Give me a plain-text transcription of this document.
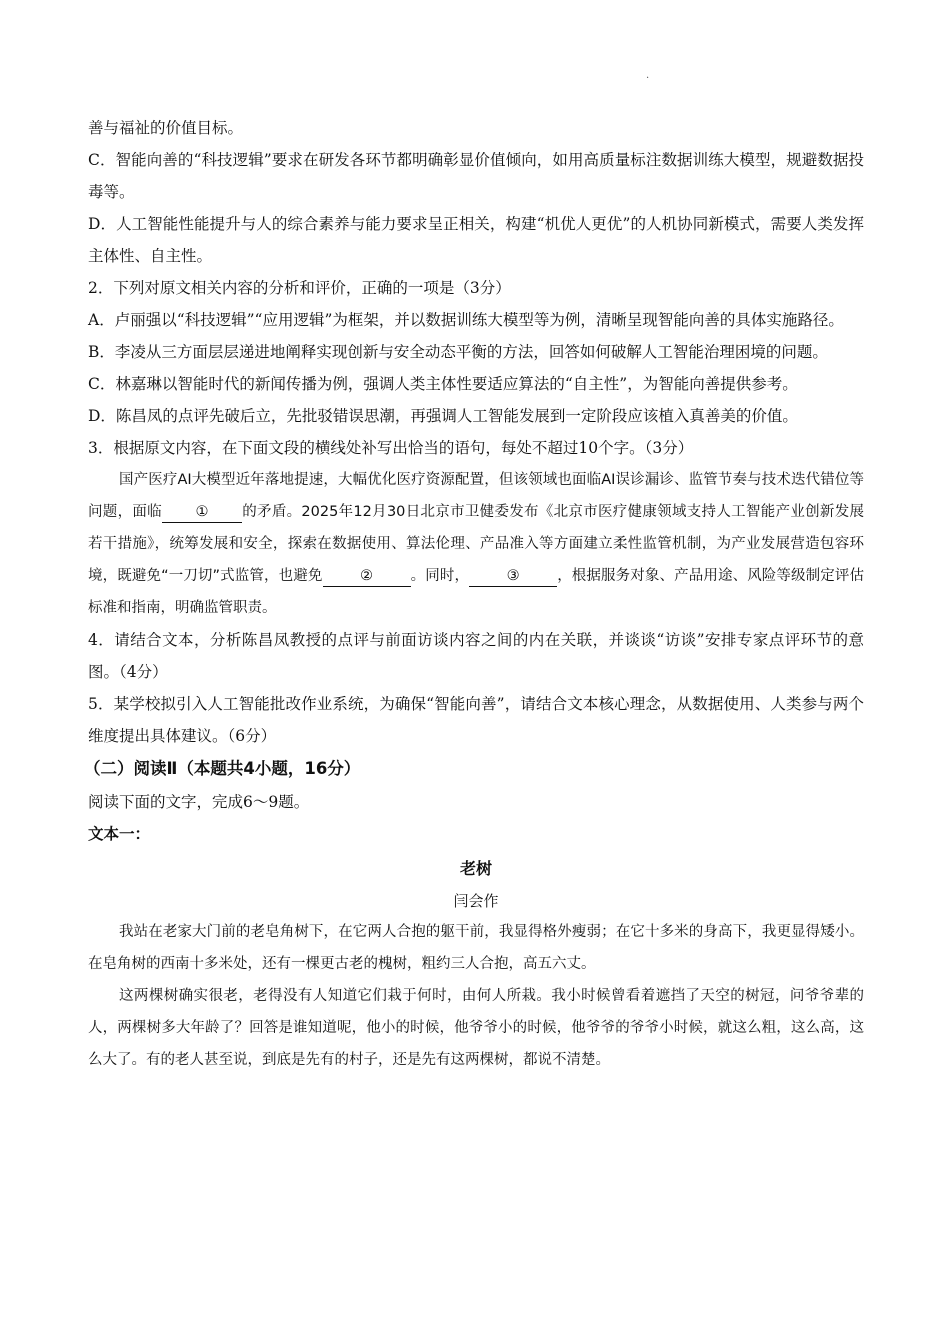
.

善与福祉的价值目标。

C．智能向善的“科技逻辑”要求在研发各环节都明确彰显价值倾向，如用高质量标注数据训练大模型，规避数据投毒等。

D．人工智能性能提升与人的综合素养与能力要求呈正相关，构建“机优人更优”的人机协同新模式，需要人类发挥主体性、自主性。

2．下列对原文相关内容的分析和评价，正确的一项是（3分）

A．卢丽强以“科技逻辑”“应用逻辑”为框架，并以数据训练大模型等为例，清晰呈现智能向善的具体实施路径。

B．李凌从三方面层层递进地阐释实现创新与安全动态平衡的方法，回答如何破解人工智能治理困境的问题。

C．林嘉琳以智能时代的新闻传播为例，强调人类主体性要适应算法的“自主性”，为智能向善提供参考。

D．陈昌凤的点评先破后立，先批驳错误思潮，再强调人工智能发展到一定阶段应该植入真善美的价值。

3．根据原文内容，在下面文段的横线处补写出恰当的语句，每处不超过10个字。（3分）

国产医疗AI大模型近年落地提速，大幅优化医疗资源配置，但该领域也面临AI误诊漏诊、监管节奏与技术迭代错位等问题，面临 ① 的矛盾。2025年12月30日北京市卫健委发布《北京市医疗健康领域支持人工智能产业创新发展若干措施》，统筹发展和安全，探索在数据使用、算法伦理、产品准入等方面建立柔性监管机制，为产业发展营造包容环境，既避免“一刀切”式监管，也避免	②	。同时，	③	，根据服务对象、产品用途、风险等级制定评估标准和指南，明确监管职责。

4．请结合文本，分析陈昌凤教授的点评与前面访谈内容之间的内在关联，并谈谈“访谈”安排专家点评环节的意图。（4分）

5．某学校拟引入人工智能批改作业系统，为确保“智能向善”，请结合文本核心理念，从数据使用、人类参与两个维度提出具体建议。（6分）

（二）阅读Ⅱ（本题共4小题，16分）

阅读下面的文字，完成6～9题。

文本一：

老树

闫会作

我站在老家大门前的老皂角树下，在它两人合抱的躯干前，我显得格外瘦弱；在它十多米的身高下，我更显得矮小。在皂角树的西南十多米处，还有一棵更古老的槐树，粗约三人合抱，高五六丈。

这两棵树确实很老，老得没有人知道它们栽于何时，由何人所栽。我小时候曾看着遮挡了天空的树冠，问爷爷辈的人，两棵树多大年龄了？回答是谁知道呢，他小的时候，他爷爷小的时候，他爷爷的爷爷小时候，就这么粗，这么高，这么大了。有的老人甚至说，到底是先有的村子，还是先有这两棵树，都说不清楚。
